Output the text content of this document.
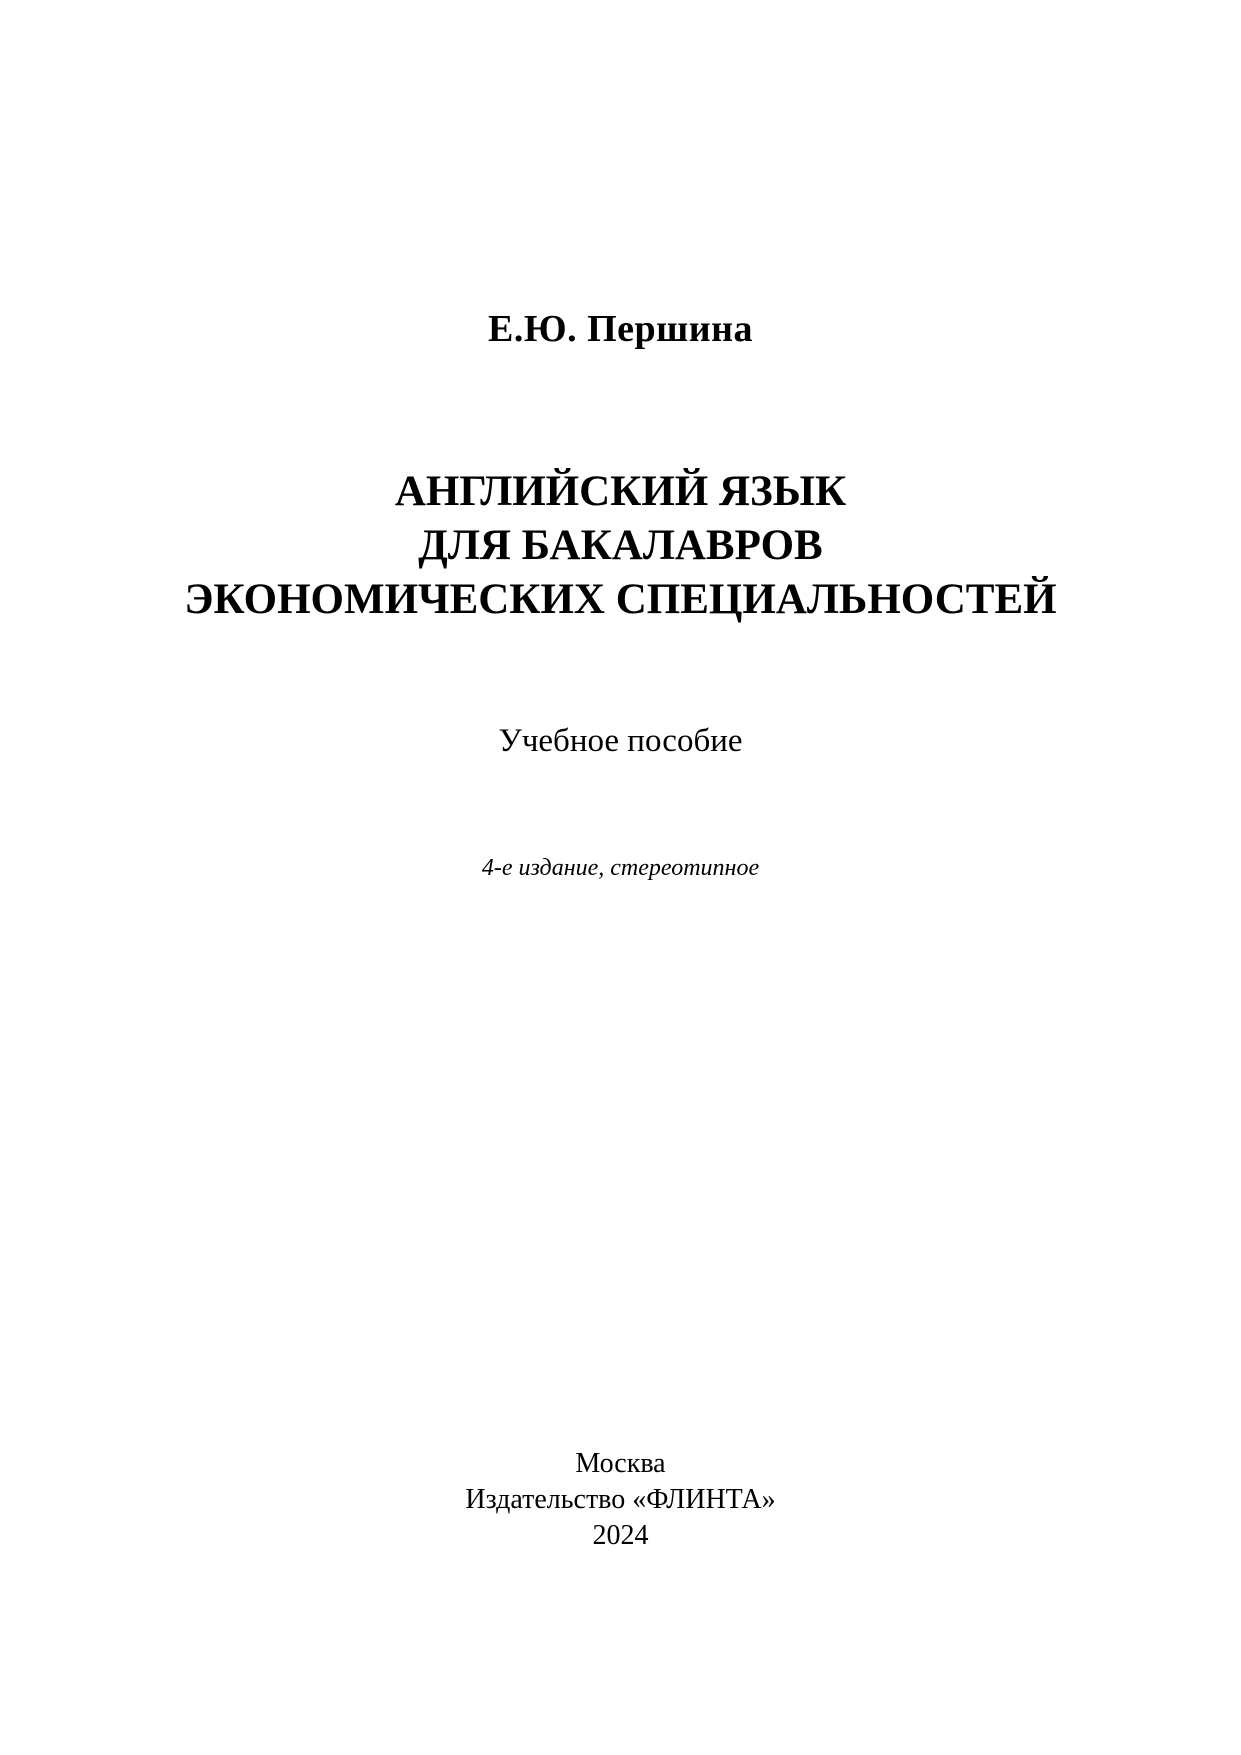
Е.Ю. Першина

АНГЛИЙСКИЙ ЯЗЫК

ДЛЯ БАКАЛАВРОВ

ЭКОНОМИЧЕСКИХ СПЕЦИАЛЬНОСТЕЙ

Учебное пособие

4-е издание, стереотипное

Москва

Издательство «ФЛИНТА»

2024
